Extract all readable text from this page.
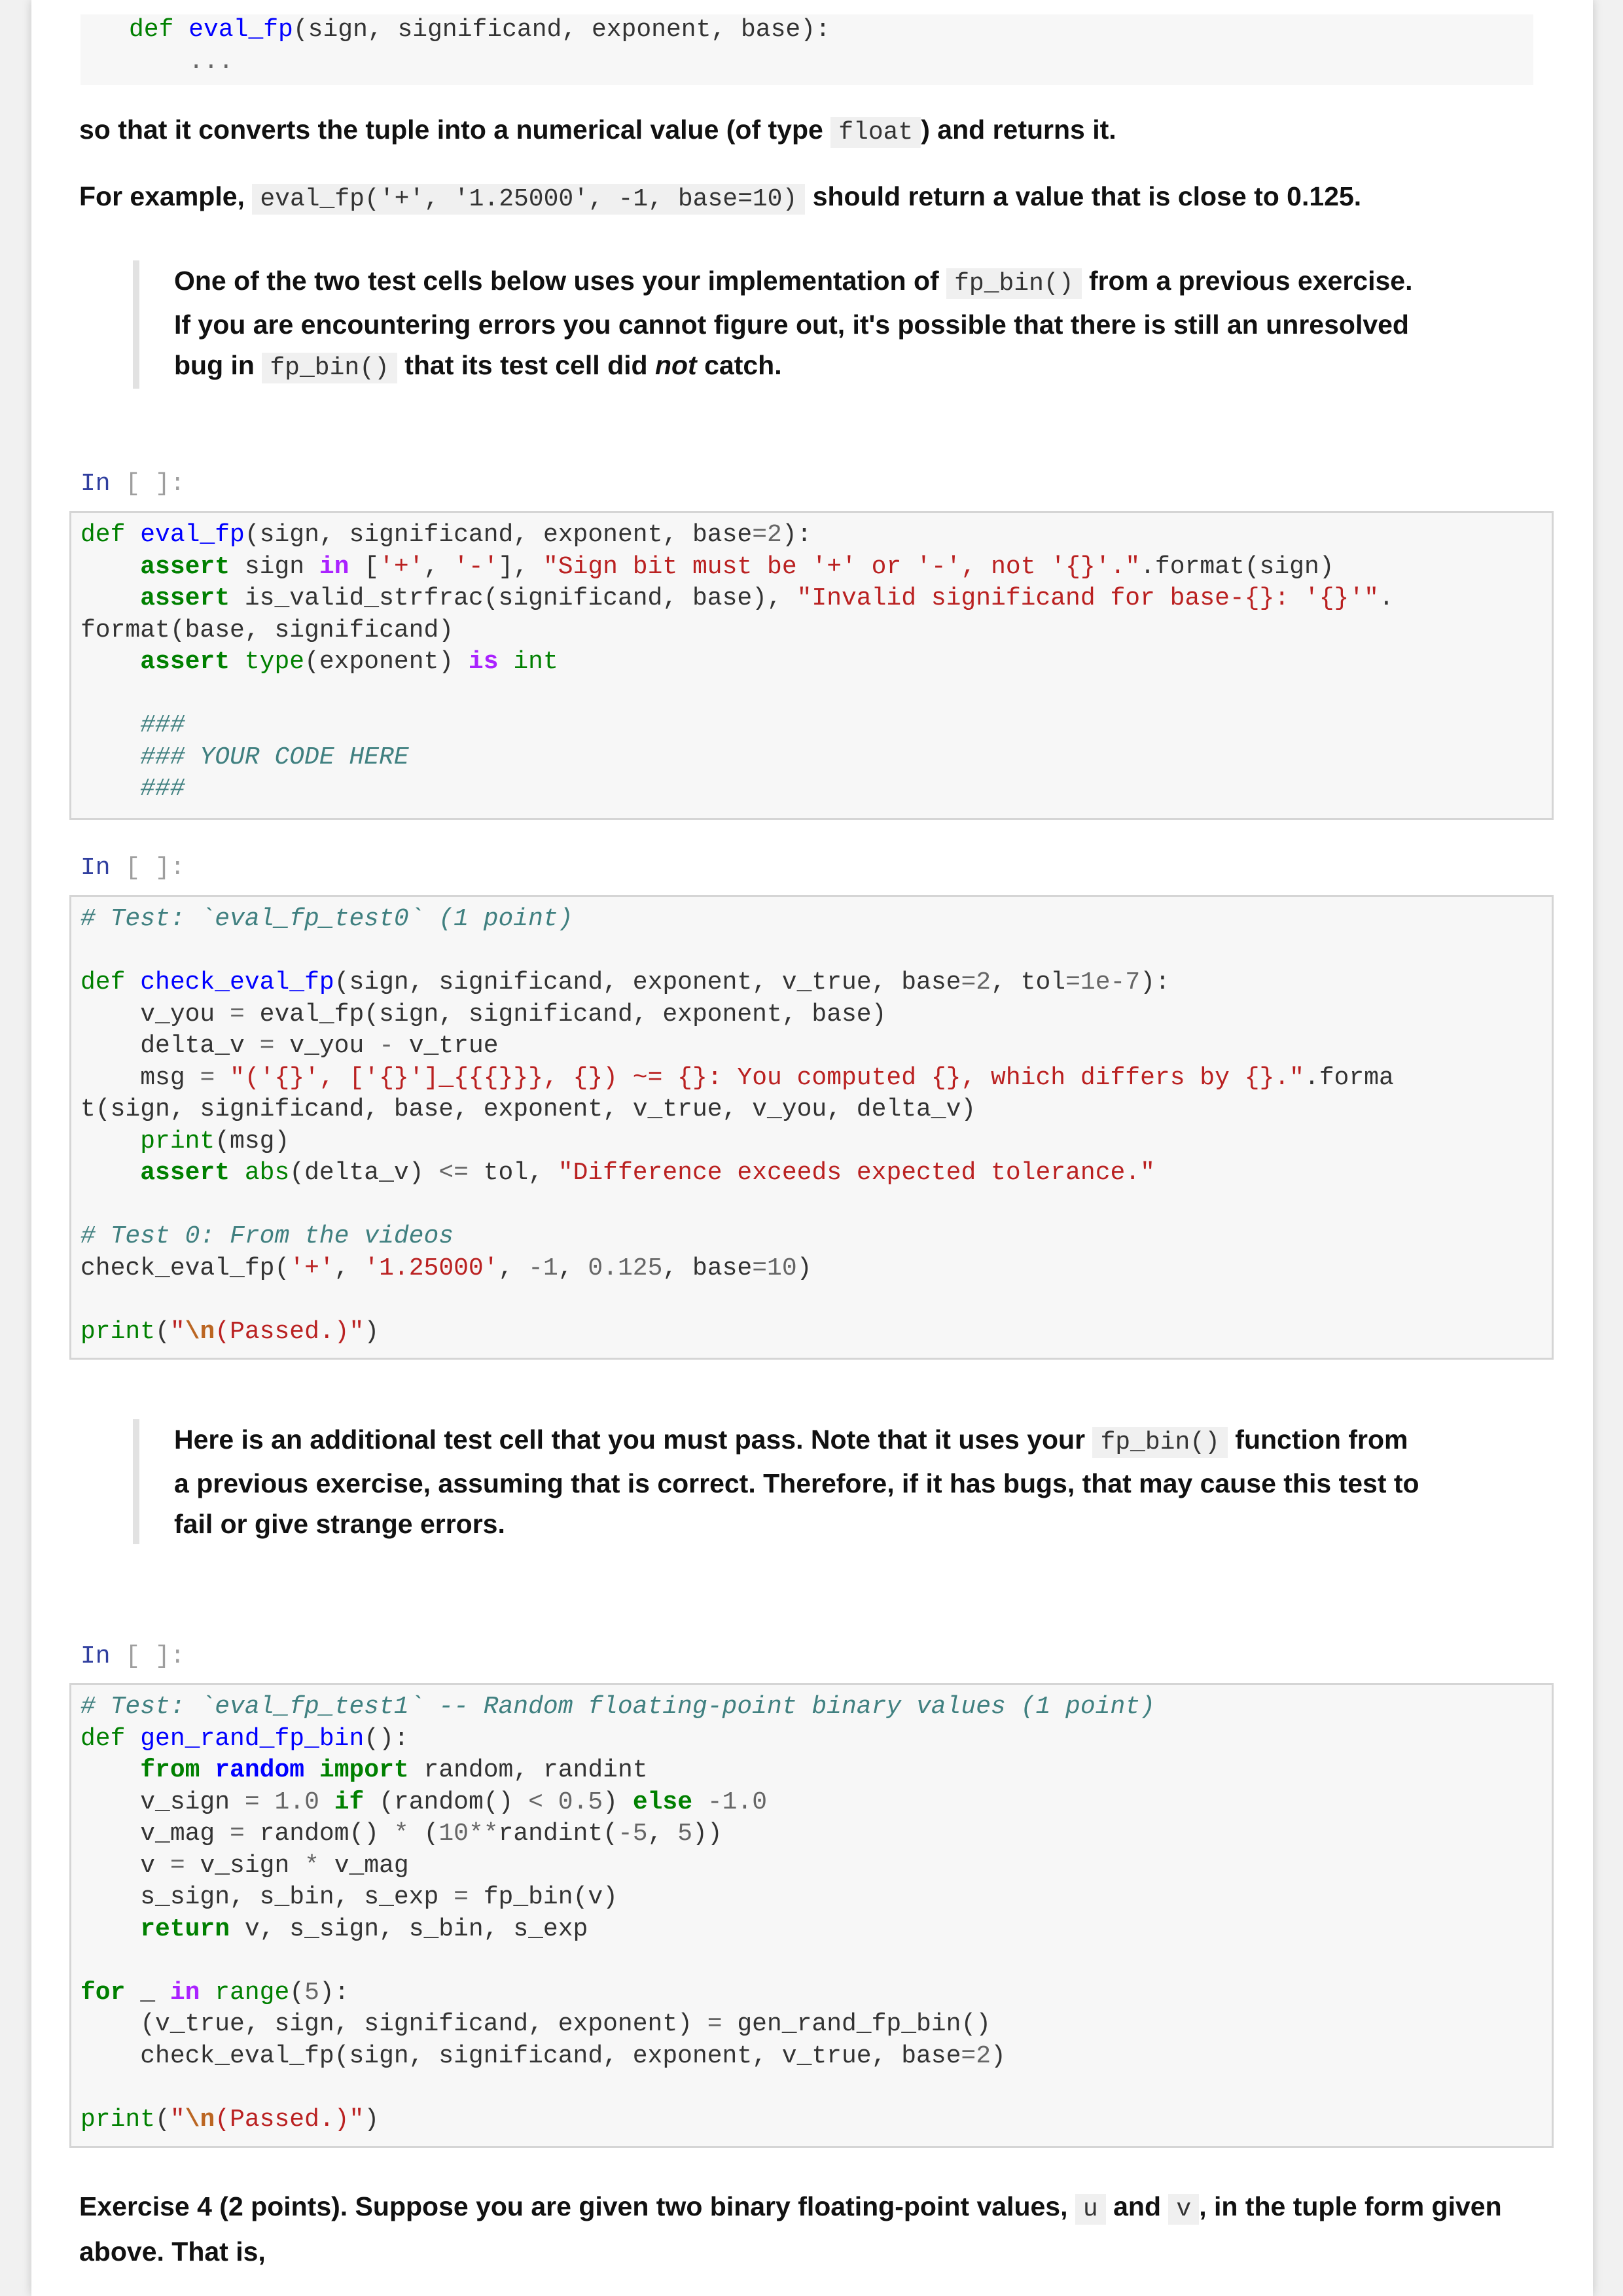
def eval_fp(sign, significand, exponent, base):
...
so that it converts the tuple into a numerical value (of type float ) and returns it.
For example, eval_fp('+', '1.25000', -1, base=10) should return a value that is close to 0.125.
One of the two test cells below uses your implementation of fp_bin() from a previous exercise.
If you are encountering errors you cannot figure out, it's possible that there is still an unresolved
bug in fp_bin() that its test cell did not catch.
In [ ]:
def eval_fp(sign, significand, exponent, base=2):
assert sign in ['+', '-'], "Sign bit must be '+' or '-', not '{}'.".format(sign)
assert is_valid_strfrac(significand, base), "Invalid significand for base-{}: '{}'".
format(base, significand)
assert type(exponent) is int

###
### YOUR CODE HERE
###
In [ ]:
# Test: `eval_fp_test0` (1 point)

def check_eval_fp(sign, significand, exponent, v_true, base=2, tol=1e-7):
v_you = eval_fp(sign, significand, exponent, base)
delta_v = v_you - v_true
msg = "('{}', ['{}']_{{{}}}, {}) ~= {}: You computed {}, which differs by {}.".forma
t(sign, significand, base, exponent, v_true, v_you, delta_v)
print(msg)
assert abs(delta_v) <= tol, "Difference exceeds expected tolerance."

# Test 0: From the videos
check_eval_fp('+', '1.25000', -1, 0.125, base=10)

print("\n(Passed.)")
Here is an additional test cell that you must pass. Note that it uses your fp_bin() function from
a previous exercise, assuming that is correct. Therefore, if it has bugs, that may cause this test to
fail or give strange errors.
In [ ]:
# Test: `eval_fp_test1` -- Random floating-point binary values (1 point)
def gen_rand_fp_bin():
from random import random, randint
v_sign = 1.0 if (random() < 0.5) else -1.0
v_mag = random() * (10**randint(-5, 5))
v = v_sign * v_mag
s_sign, s_bin, s_exp = fp_bin(v)
return v, s_sign, s_bin, s_exp

for _ in range(5):
(v_true, sign, significand, exponent) = gen_rand_fp_bin()
check_eval_fp(sign, significand, exponent, v_true, base=2)

print("\n(Passed.)")
Exercise 4 (2 points). Suppose you are given two binary floating-point values, u and v , in the tuple form given
above. That is,
